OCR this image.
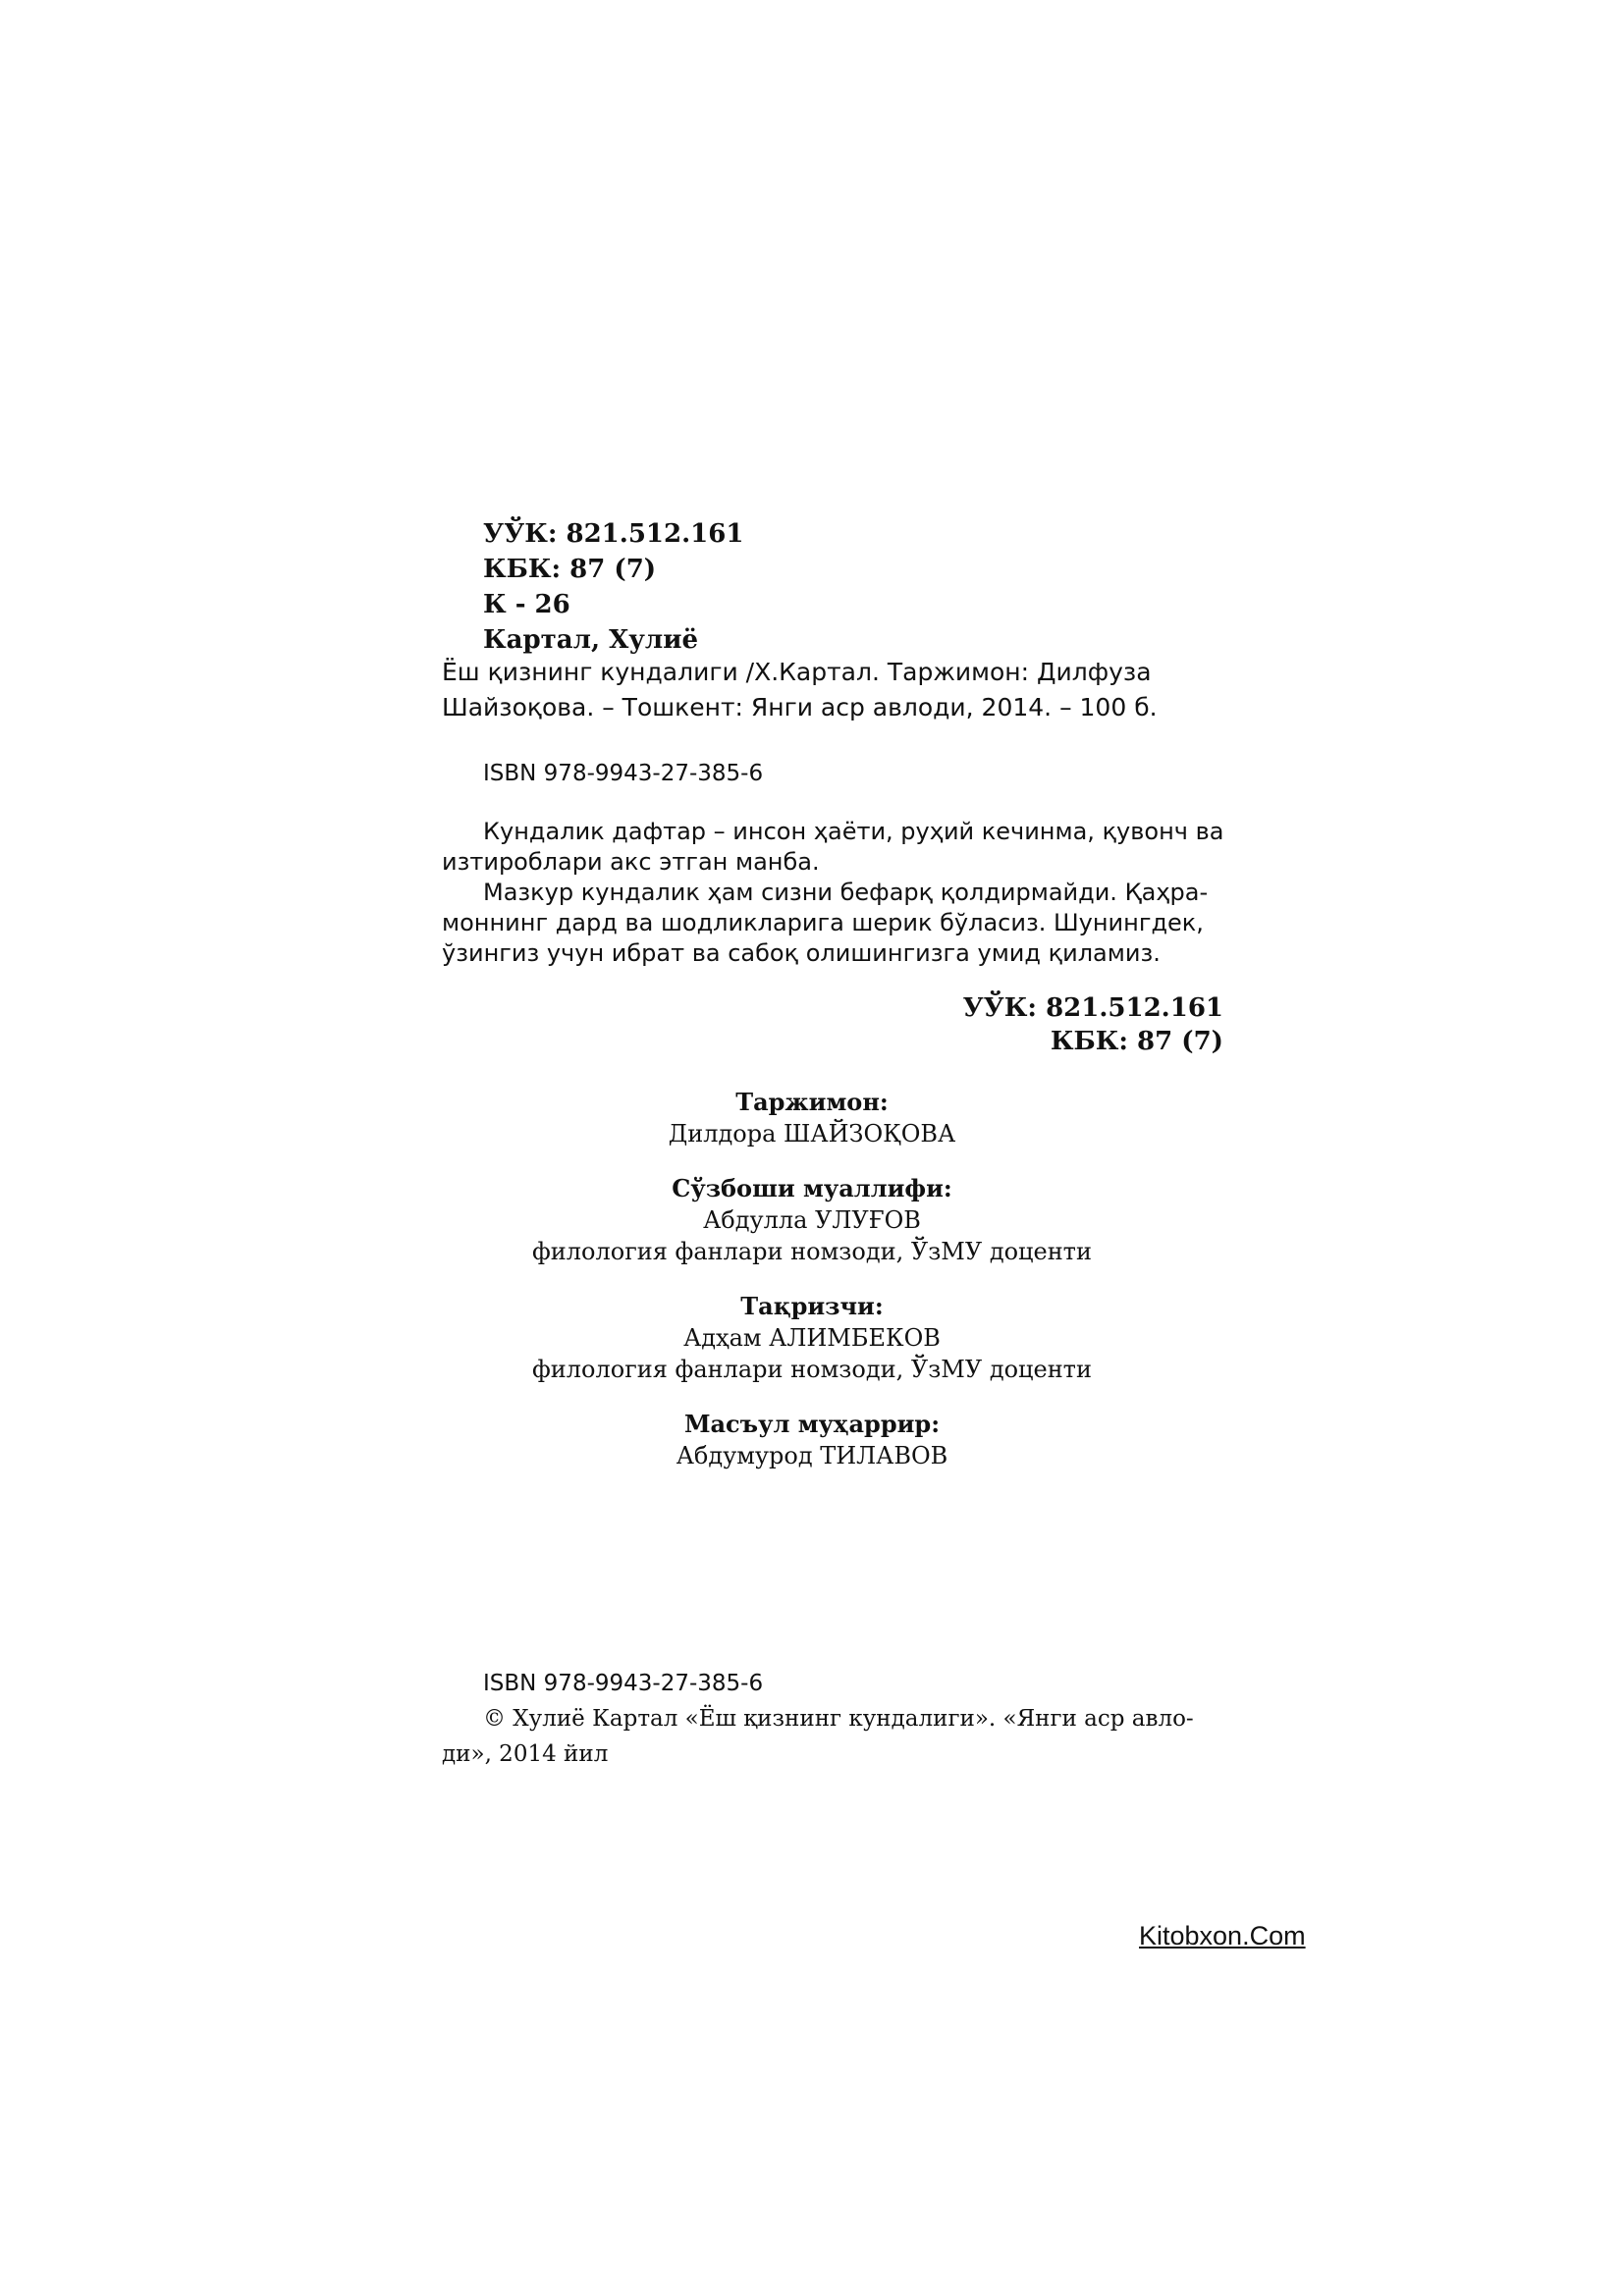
УЎК: 821.512.161
КБК: 87 (7)
К - 26
Картал, Хулиё
Ёш қизнинг кундалиги /Х.Картал. Таржимон: Дилфуза
Шайзоқова. – Тошкент: Янги аср авлоди, 2014. – 100 б.
ISBN 978-9943-27-385-6
Кундалик дафтар – инсон ҳаёти, руҳий кечинма, қувонч ва
изтироблари акс этган манба.
Мазкур кундалик ҳам сизни бефарқ қолдирмайди. Қаҳра-
моннинг дард ва шодликларига шерик бўласиз. Шунингдек,
ўзингиз учун ибрат ва сабоқ олишингизга умид қиламиз.
УЎК: 821.512.161
КБК: 87 (7)
Таржимон:
Дилдора ШАЙЗОҚОВА
Сўзбоши муаллифи:
Абдулла УЛУҒОВ
филология фанлари номзоди, ЎзМУ доценти
Тақризчи:
Адҳам АЛИМБЕКОВ
филология фанлари номзоди, ЎзМУ доценти
Масъул муҳаррир:
Абдумурод ТИЛАВОВ
ISBN 978-9943-27-385-6
© Хулиё Картал «Ёш қизнинг кундалиги». «Янги аср авло-
ди», 2014 йил
Kitobxon.Com
